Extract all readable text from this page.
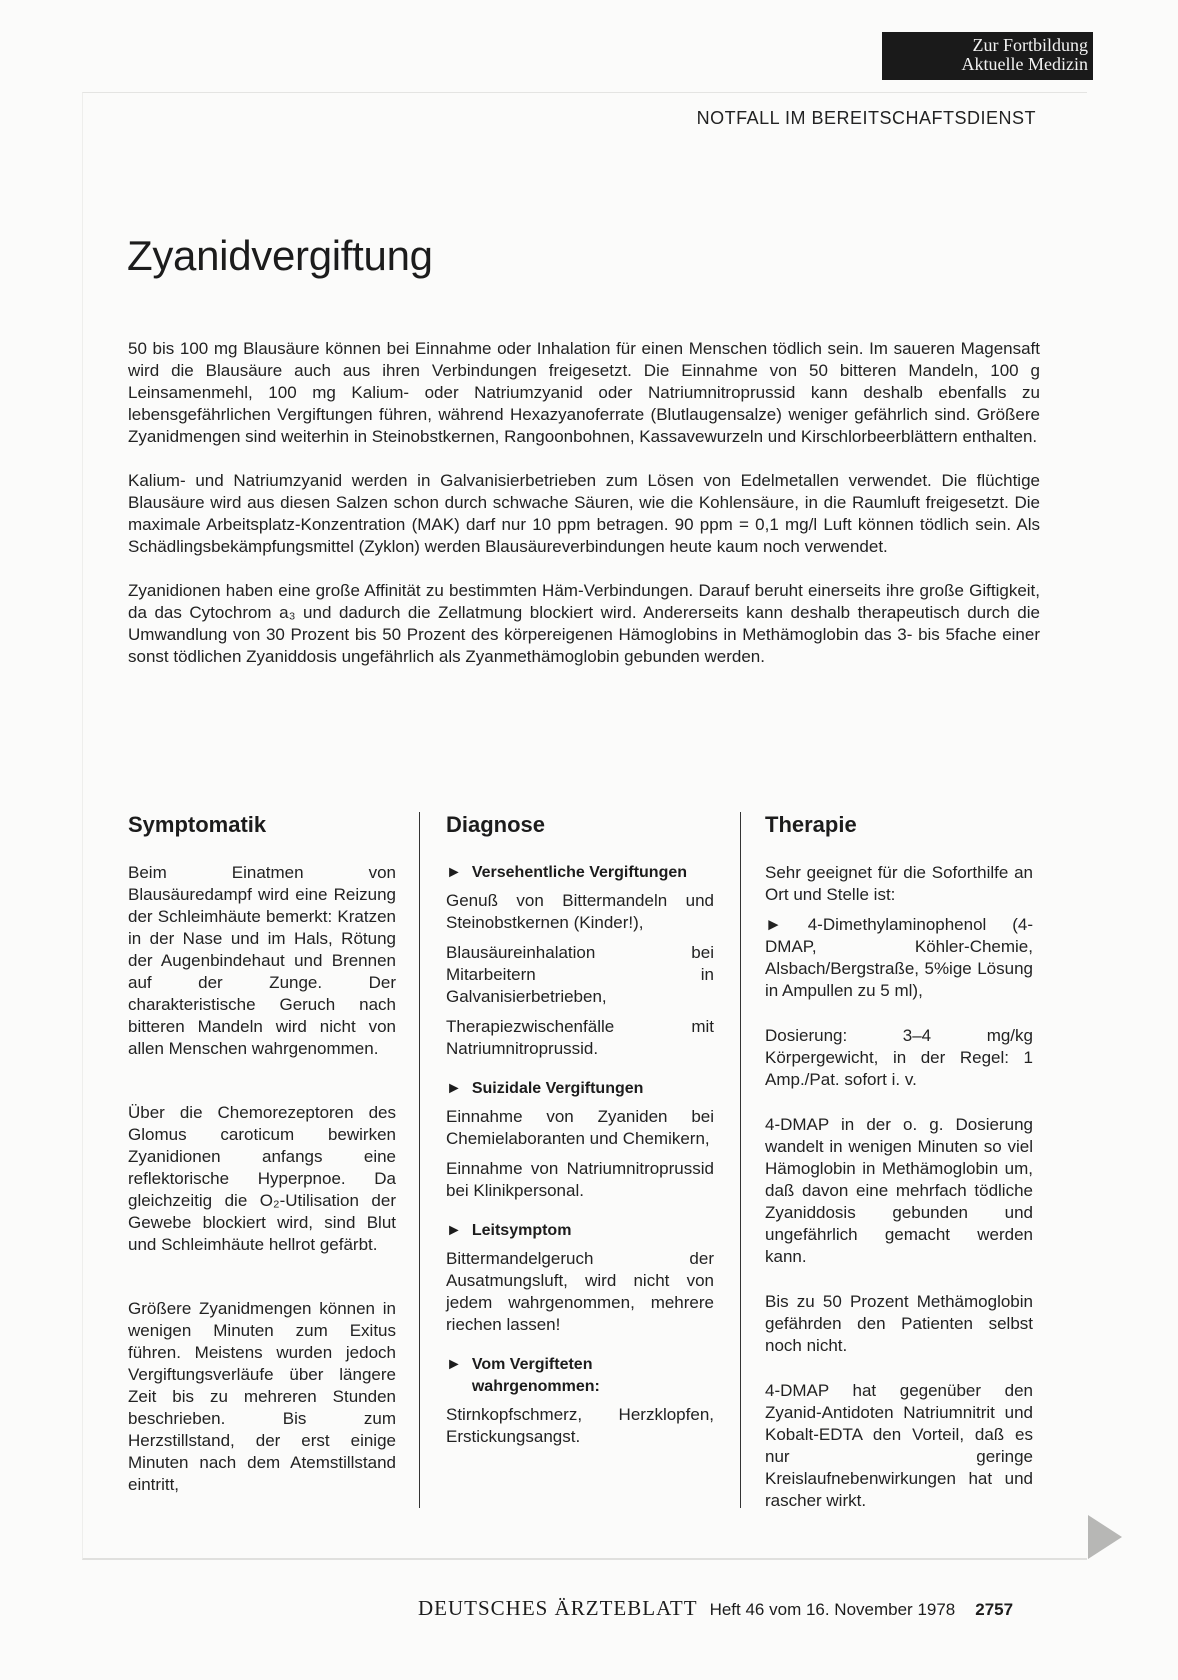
Zur Fortbildung
Aktuelle Medizin
NOTFALL IM BEREITSCHAFTSDIENST
Zyanidvergiftung

50 bis 100 mg Blausäure können bei Einnahme oder Inhalation für einen Menschen tödlich sein. Im saueren Magensaft wird die Blausäure auch aus ihren Verbindungen freigesetzt. Die Einnahme von 50 bitteren Mandeln, 100 g Leinsamenmehl, 100 mg Kalium- oder Natriumzyanid oder Natriumnitroprussid kann deshalb ebenfalls zu lebensgefährlichen Vergiftungen führen, während Hexazyanoferrate (Blutlaugensalze) weniger gefährlich sind. Größere Zyanidmengen sind weiterhin in Steinobstkernen, Rangoonbohnen, Kassavewurzeln und Kirschlorbeerblättern enthalten.

Kalium- und Natriumzyanid werden in Galvanisierbetrieben zum Lösen von Edelmetallen verwendet. Die flüchtige Blausäure wird aus diesen Salzen schon durch schwache Säuren, wie die Kohlensäure, in die Raumluft freigesetzt. Die maximale Arbeitsplatz-Konzentration (MAK) darf nur 10 ppm betragen. 90 ppm = 0,1 mg/l Luft können tödlich sein. Als Schädlingsbekämpfungsmittel (Zyklon) werden Blausäureverbindungen heute kaum noch verwendet.

Zyanidionen haben eine große Affinität zu bestimmten Häm-Verbindungen. Darauf beruht einerseits ihre große Giftigkeit, da das Cytochrom a₃ und dadurch die Zellatmung blockiert wird. Andererseits kann deshalb therapeutisch durch die Umwandlung von 30 Prozent bis 50 Prozent des körpereigenen Hämoglobins in Methämoglobin das 3- bis 5fache einer sonst tödlichen Zyaniddosis ungefährlich als Zyanmethämoglobin gebunden werden.

Symptomatik

Beim Einatmen von Blausäuredampf wird eine Reizung der Schleimhäute bemerkt: Kratzen in der Nase und im Hals, Rötung der Augenbindehaut und Brennen auf der Zunge. Der charakteristische Geruch nach bitteren Mandeln wird nicht von allen Menschen wahrgenommen.

Über die Chemorezeptoren des Glomus caroticum bewirken Zyanidionen anfangs eine reflektorische Hyperpnoe. Da gleichzeitig die O₂-Utilisation der Gewebe blockiert wird, sind Blut und Schleimhäute hellrot gefärbt.

Größere Zyanidmengen können in wenigen Minuten zum Exitus führen. Meistens wurden jedoch Vergiftungsverläufe über längere Zeit bis zu mehreren Stunden beschrieben. Bis zum Herzstillstand, der erst einige Minuten nach dem Atemstillstand eintritt,

Diagnose
► Versehentliche Vergiftungen

Genuß von Bittermandeln und Steinobstkernen (Kinder!),

Blausäureinhalation bei Mitarbeitern in Galvanisierbetrieben,

Therapiezwischenfälle mit Natriumnitroprussid.

► Suizidale Vergiftungen

Einnahme von Zyaniden bei Chemielaboranten und Chemikern,

Einnahme von Natriumnitroprussid bei Klinikpersonal.

► Leitsymptom

Bittermandelgeruch der Ausatmungsluft, wird nicht von jedem wahrgenommen, mehrere riechen lassen!

► Vom Vergifteten wahrgenommen:

Stirnkopfschmerz, Herzklopfen, Erstickungsangst.

Therapie

Sehr geeignet für die Soforthilfe an Ort und Stelle ist:

► 4-Dimethylaminophenol (4-DMAP, Köhler-Chemie, Alsbach/Bergstraße, 5%ige Lösung in Ampullen zu 5 ml),

Dosierung: 3–4 mg/kg Körpergewicht, in der Regel: 1 Amp./Pat. sofort i. v.

4-DMAP in der o. g. Dosierung wandelt in wenigen Minuten so viel Hämoglobin in Methämoglobin um, daß davon eine mehrfach tödliche Zyaniddosis gebunden und ungefährlich gemacht werden kann.

Bis zu 50 Prozent Methämoglobin gefährden den Patienten selbst noch nicht.

4-DMAP hat gegenüber den Zyanid-Antidoten Natriumnitrit und Kobalt-EDTA den Vorteil, daß es nur geringe Kreislaufnebenwirkungen hat und rascher wirkt.

DEUTSCHES ÄRZTEBLATT Heft 46 vom 16. November 1978 2757
